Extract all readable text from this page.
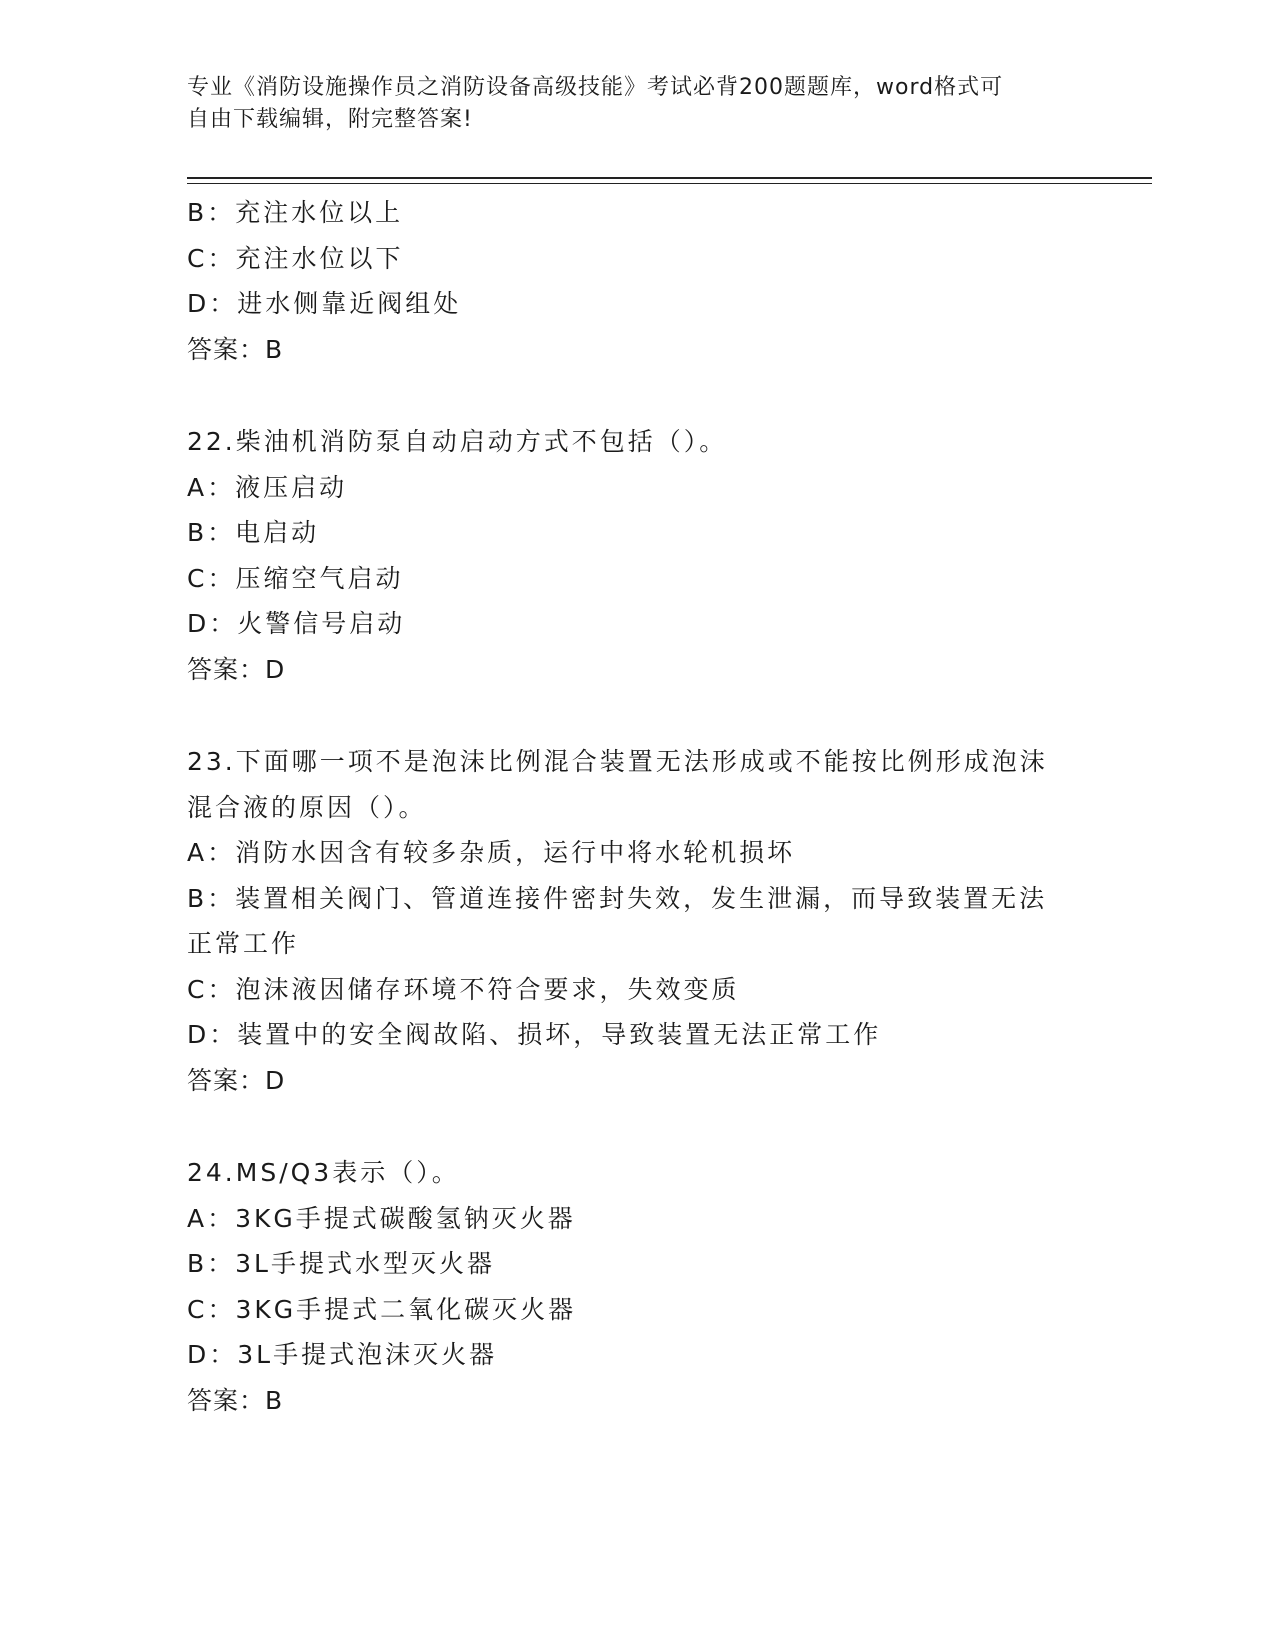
专业《消防设施操作员之消防设备高级技能》考试必背200题题库，word格式可
自由下载编辑，附完整答案!
B：充注水位以上
C：充注水位以下
D：进水侧靠近阀组处
答案：B
22.柴油机消防泵自动启动方式不包括（）。
A：液压启动
B：电启动
C：压缩空气启动
D：火警信号启动
答案：D
23.下面哪一项不是泡沫比例混合装置无法形成或不能按比例形成泡沫
混合液的原因（）。
A：消防水因含有较多杂质，运行中将水轮机损坏
B：装置相关阀门、管道连接件密封失效，发生泄漏，而导致装置无法
正常工作
C：泡沫液因储存环境不符合要求，失效变质
D：装置中的安全阀故陷、损坏，导致装置无法正常工作
答案：D
24.MS/Q3表示（）。
A：3KG手提式碳酸氢钠灭火器
B：3L手提式水型灭火器
C：3KG手提式二氧化碳灭火器
D：3L手提式泡沫灭火器
答案：B
